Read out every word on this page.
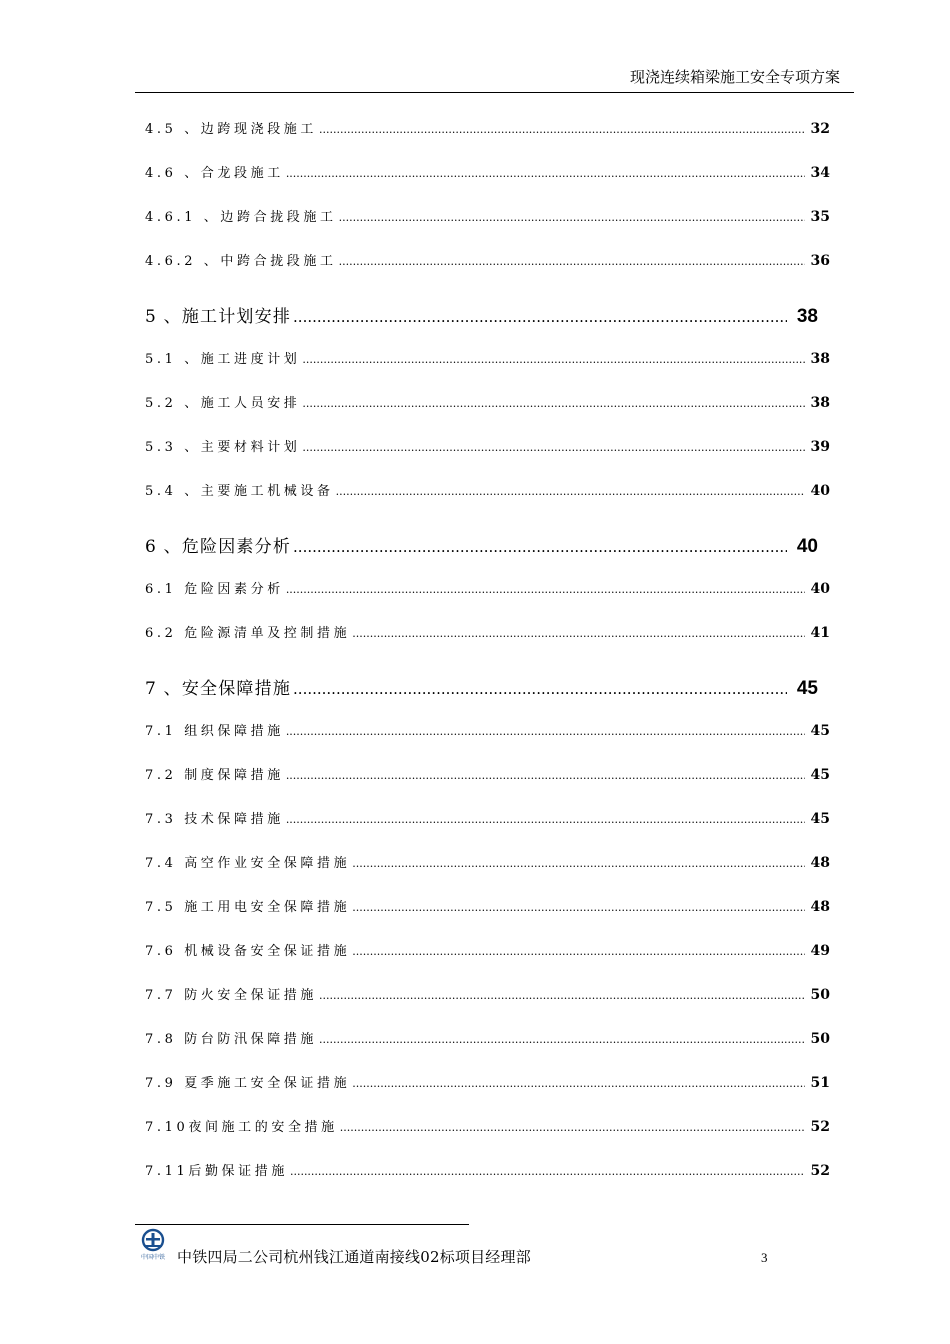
现浇连续箱梁施工安全专项方案
4.5 、边跨现浇段施工 .....	32
4.6 、合龙段施工 .....	34
4.6.1 、边跨合拢段施工 .....	35
4.6.2 、中跨合拢段施工 .....	36
5 、施工计划安排 .....	38
5.1 、施工进度计划 .....	38
5.2 、施工人员安排 .....	38
5.3 、主要材料计划 .....	39
5.4 、主要施工机械设备 .....	40
6 、危险因素分析 .....	40
6.1 危险因素分析 .....	40
6.2 危险源清单及控制措施 .....	41
7 、安全保障措施 .....	45
7.1 组织保障措施 .....	45
7.2 制度保障措施 .....	45
7.3 技术保障措施 .....	45
7.4 高空作业安全保障措施 .....	48
7.5 施工用电安全保障措施 .....	48
7.6 机械设备安全保证措施 .....	49
7.7 防火安全保证措施 .....	50
7.8 防台防汛保障措施 .....	50
7.9 夏季施工安全保证措施 .....	51
7.10夜间施工的安全措施 .....	52
7.11后勤保证措施 .....	52
中国中铁 中铁四局二公司杭州钱江通道南接线02标项目经理部	3
